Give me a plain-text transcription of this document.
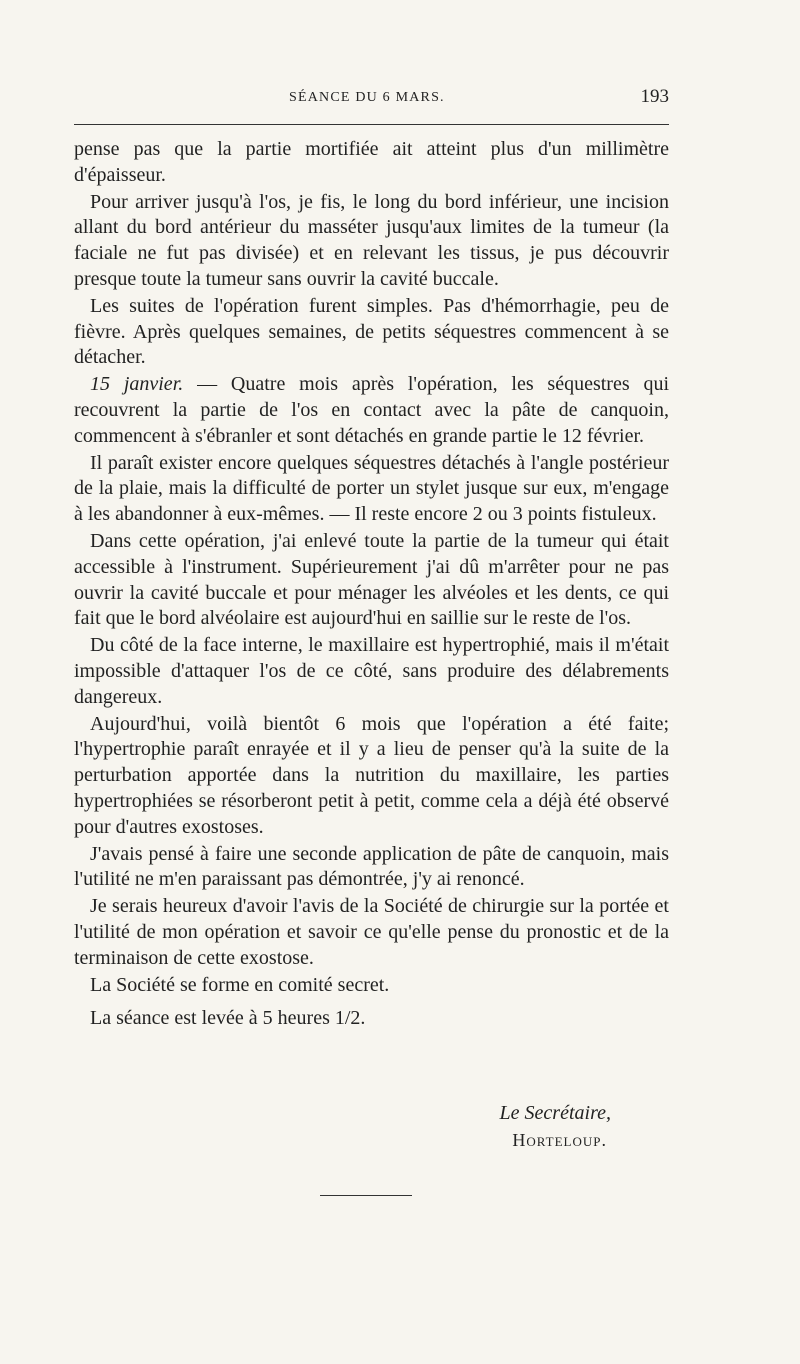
SÉANCE DU 6 MARS.	193

pense pas que la partie mortifiée ait atteint plus d'un millimètre d'épaisseur.

Pour arriver jusqu'à l'os, je fis, le long du bord inférieur, une incision allant du bord antérieur du masséter jusqu'aux limites de la tumeur (la faciale ne fut pas divisée) et en relevant les tissus, je pus découvrir presque toute la tumeur sans ouvrir la cavité buccale.

Les suites de l'opération furent simples. Pas d'hémorrhagie, peu de fièvre. Après quelques semaines, de petits séquestres commencent à se détacher.

15 janvier. — Quatre mois après l'opération, les séquestres qui recouvrent la partie de l'os en contact avec la pâte de canquoin, commencent à s'ébranler et sont détachés en grande partie le 12 février.

Il paraît exister encore quelques séquestres détachés à l'angle postérieur de la plaie, mais la difficulté de porter un stylet jusque sur eux, m'engage à les abandonner à eux-mêmes. — Il reste encore 2 ou 3 points fistuleux.

Dans cette opération, j'ai enlevé toute la partie de la tumeur qui était accessible à l'instrument. Supérieurement j'ai dû m'arrêter pour ne pas ouvrir la cavité buccale et pour ménager les alvéoles et les dents, ce qui fait que le bord alvéolaire est aujourd'hui en saillie sur le reste de l'os.

Du côté de la face interne, le maxillaire est hypertrophié, mais il m'était impossible d'attaquer l'os de ce côté, sans produire des délabrements dangereux.

Aujourd'hui, voilà bientôt 6 mois que l'opération a été faite; l'hypertrophie paraît enrayée et il y a lieu de penser qu'à la suite de la perturbation apportée dans la nutrition du maxillaire, les parties hypertrophiées se résorberont petit à petit, comme cela a déjà été observé pour d'autres exostoses.

J'avais pensé à faire une seconde application de pâte de canquoin, mais l'utilité ne m'en paraissant pas démontrée, j'y ai renoncé.

Je serais heureux d'avoir l'avis de la Société de chirurgie sur la portée et l'utilité de mon opération et savoir ce qu'elle pense du pronostic et de la terminaison de cette exostose.

La Société se forme en comité secret.

La séance est levée à 5 heures 1/2.

Le Secrétaire,
Horteloup.
